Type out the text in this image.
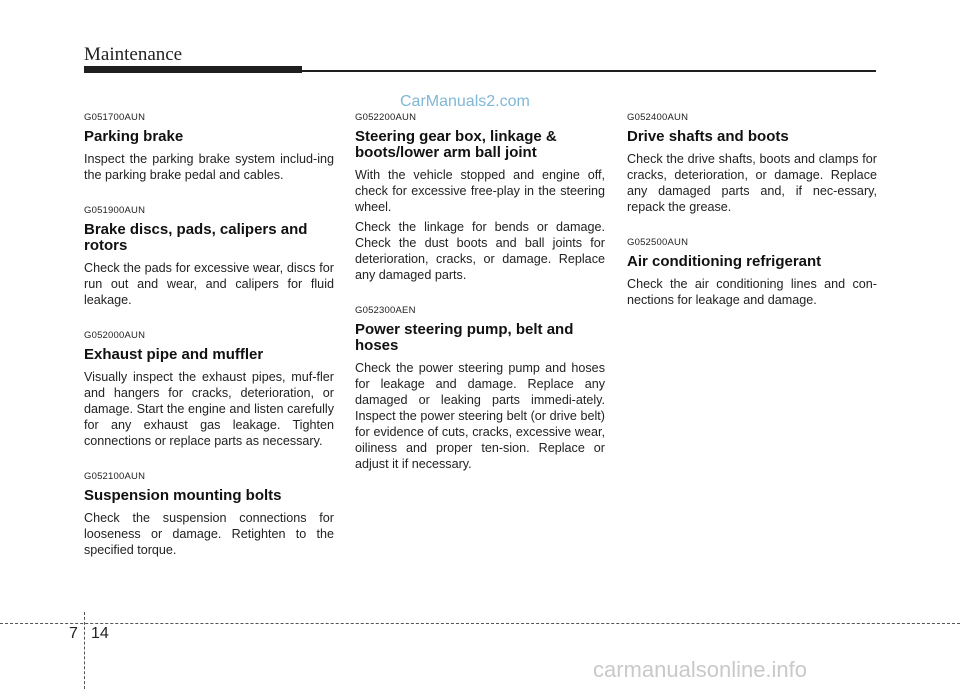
Maintenance
CarManuals2.com
G051700AUN
Parking brake
Inspect the parking brake system includ-ing the parking brake pedal and cables.
G051900AUN
Brake discs, pads, calipers and rotors
Check the pads for excessive wear, discs for run out and wear, and calipers for fluid leakage.
G052000AUN
Exhaust pipe and muffler
Visually inspect the exhaust pipes, muf-fler and hangers for cracks, deterioration, or damage. Start the engine and listen carefully for any exhaust gas leakage. Tighten connections or replace parts as necessary.
G052100AUN
Suspension mounting bolts
Check the suspension connections for looseness or damage. Retighten to the specified torque.
G052200AUN
Steering gear box, linkage & boots/lower arm ball joint
With the vehicle stopped and engine off, check for excessive free-play in the steering wheel.
Check the linkage for bends or damage. Check the dust boots and ball joints for deterioration, cracks, or damage. Replace any damaged parts.
G052300AEN
Power steering pump, belt and hoses
Check the power steering pump and hoses for leakage and damage. Replace any damaged or leaking parts immedi-ately. Inspect the power steering belt (or drive belt) for evidence of cuts, cracks, excessive wear, oiliness and proper ten-sion. Replace or adjust it if necessary.
G052400AUN
Drive shafts and boots
Check the drive shafts, boots and clamps for cracks, deterioration, or damage. Replace any damaged parts and, if nec-essary, repack the grease.
G052500AUN
Air conditioning refrigerant
Check the air conditioning lines and con-nections for leakage and damage.
7 14
carmanualsonline.info
